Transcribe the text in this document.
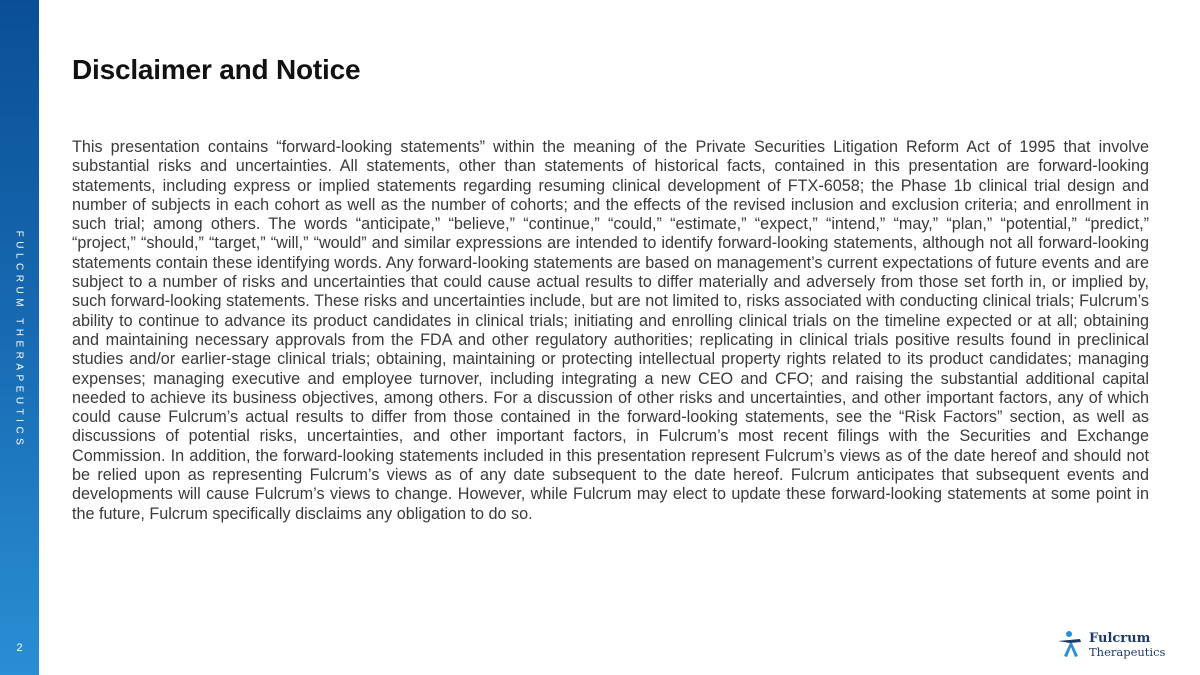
FULCRUM THERAPEUTICS
2
Disclaimer and Notice

This presentation contains “forward-looking statements” within the meaning of the Private Securities Litigation Reform Act of 1995 that involve substantial risks and uncertainties. All statements, other than statements of historical facts, contained in this presentation are forward-looking statements, including express or implied statements regarding resuming clinical development of FTX-6058; the Phase 1b clinical trial design and number of subjects in each cohort as well as the number of cohorts; and the effects of the revised inclusion and exclusion criteria; and enrollment in such trial; among others. The words “anticipate,” “believe,” “continue,” “could,” “estimate,” “expect,” “intend,” “may,” “plan,” “potential,” “predict,” “project,” “should,” “target,” “will,” “would” and similar expressions are intended to identify forward-looking statements, although not all forward-looking statements contain these identifying words. Any forward-looking statements are based on management’s current expectations of future events and are subject to a number of risks and uncertainties that could cause actual results to differ materially and adversely from those set forth in, or implied by, such forward-looking statements. These risks and uncertainties include, but are not limited to, risks associated with conducting clinical trials; Fulcrum’s ability to continue to advance its product candidates in clinical trials; initiating and enrolling clinical trials on the timeline expected or at all; obtaining and maintaining necessary approvals from the FDA and other regulatory authorities; replicating in clinical trials positive results found in preclinical studies and/or earlier-stage clinical trials; obtaining, maintaining or protecting intellectual property rights related to its product candidates; managing expenses; managing executive and employee turnover, including integrating a new CEO and CFO; and raising the substantial additional capital needed to achieve its business objectives, among others. For a discussion of other risks and uncertainties, and other important factors, any of which could cause Fulcrum’s actual results to differ from those contained in the forward-looking statements, see the “Risk Factors” section, as well as discussions of potential risks, uncertainties, and other important factors, in Fulcrum’s most recent filings with the Securities and Exchange Commission. In addition, the forward-looking statements included in this presentation represent Fulcrum’s views as of the date hereof and should not be relied upon as representing Fulcrum’s views as of any date subsequent to the date hereof. Fulcrum anticipates that subsequent events and developments will cause Fulcrum’s views to change. However, while Fulcrum may elect to update these forward-looking statements at some point in the future, Fulcrum specifically disclaims any obligation to do so.

Fulcrum
Therapeutics
